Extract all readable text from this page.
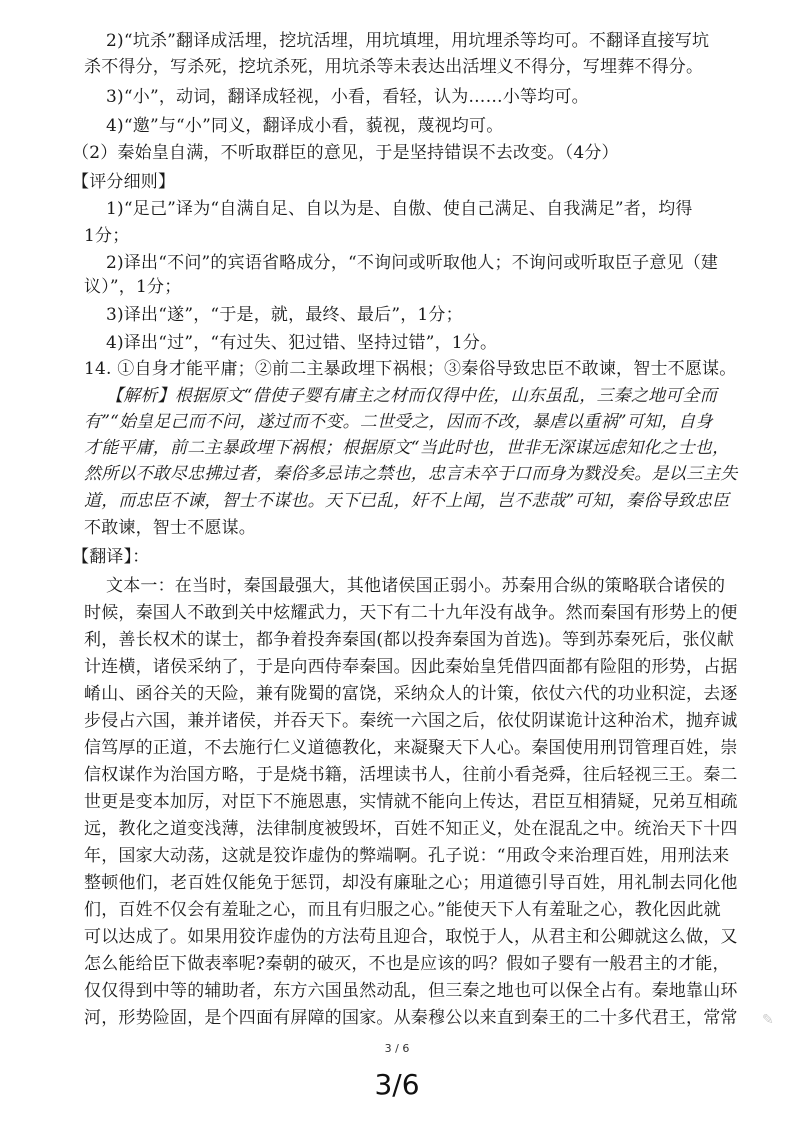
2)“坑杀”翻译成活埋，挖坑活埋，用坑填埋，用坑埋杀等均可。不翻译直接写坑
杀不得分，写杀死，挖坑杀死，用坑杀等未表达出活埋义不得分，写埋葬不得分。
3)“小”，动词，翻译成轻视，小看，看轻，认为……小等均可。
4)“邀”与“小”同义，翻译成小看，藐视，蔑视均可。
（2）秦始皇自满，不听取群臣的意见，于是坚持错误不去改变。（4分）
【评分细则】
1)“足己”译为“自满自足、自以为是、自傲、使自己满足、自我满足”者，均得
1分；
2)译出“不问”的宾语省略成分，“不询问或听取他人；不询问或听取臣子意见（建
议）”，1分；
3)译出“遂”，“于是，就，最终、最后”，1分；
4)译出“过”，“有过失、犯过错、坚持过错”，1分。
14. ①自身才能平庸；②前二主暴政埋下祸根；③秦俗导致忠臣不敢谏，智士不愿谋。
【解析】根据原文“借使子婴有庸主之材而仅得中佐，山东虽乱，三秦之地可全而
有”“始皇足己而不问，遂过而不变。二世受之，因而不改，暴虐以重祸”可知，自身
才能平庸，前二主暴政埋下祸根；根据原文“当此时也，世非无深谋远虑知化之士也，
然所以不敢尽忠拂过者，秦俗多忌讳之禁也，忠言未卒于口而身为戮没矣。是以三主失
道，而忠臣不谏，智士不谋也。天下已乱，奸不上闻，岂不悲哉”可知，秦俗导致忠臣
不敢谏，智士不愿谋。
【翻译】：
文本一：在当时，秦国最强大，其他诸侯国正弱小。苏秦用合纵的策略联合诸侯的
时候，秦国人不敢到关中炫耀武力，天下有二十九年没有战争。然而秦国有形势上的便
利，善长权术的谋士，都争着投奔秦国(都以投奔秦国为首选)。等到苏秦死后，张仪献
计连横，诸侯采纳了，于是向西侍奉秦国。因此秦始皇凭借四面都有险阻的形势，占据
崤山、函谷关的天险，兼有陇蜀的富饶，采纳众人的计策，依仗六代的功业积淀，去逐
步侵占六国，兼并诸侯，并吞天下。秦统一六国之后，依仗阴谋诡计这种治术，抛弃诚
信笃厚的正道，不去施行仁义道德教化，来凝聚天下人心。秦国使用刑罚管理百姓，崇
信权谋作为治国方略，于是烧书籍，活埋读书人，往前小看尧舜，往后轻视三王。秦二
世更是变本加厉，对臣下不施恩惠，实情就不能向上传达，君臣互相猜疑，兄弟互相疏
远，教化之道变浅薄，法律制度被毁坏，百姓不知正义，处在混乱之中。统治天下十四
年，国家大动荡，这就是狡诈虚伪的弊端啊。孔子说：“用政令来治理百姓，用刑法来
整顿他们，老百姓仅能免于惩罚，却没有廉耻之心；用道德引导百姓，用礼制去同化他
们，百姓不仅会有羞耻之心，而且有归服之心。”能使天下人有羞耻之心，教化因此就
可以达成了。如果用狡诈虚伪的方法苟且迎合，取悦于人，从君主和公卿就这么做，又
怎么能给臣下做表率呢?秦朝的破灭，不也是应该的吗？假如子婴有一般君主的才能，
仅仅得到中等的辅助者，东方六国虽然动乱，但三秦之地也可以保全占有。秦地靠山环
河，形势险固，是个四面有屏障的国家。从秦穆公以来直到秦王的二十多代君王，常常 ✎
3 / 6
3/6
